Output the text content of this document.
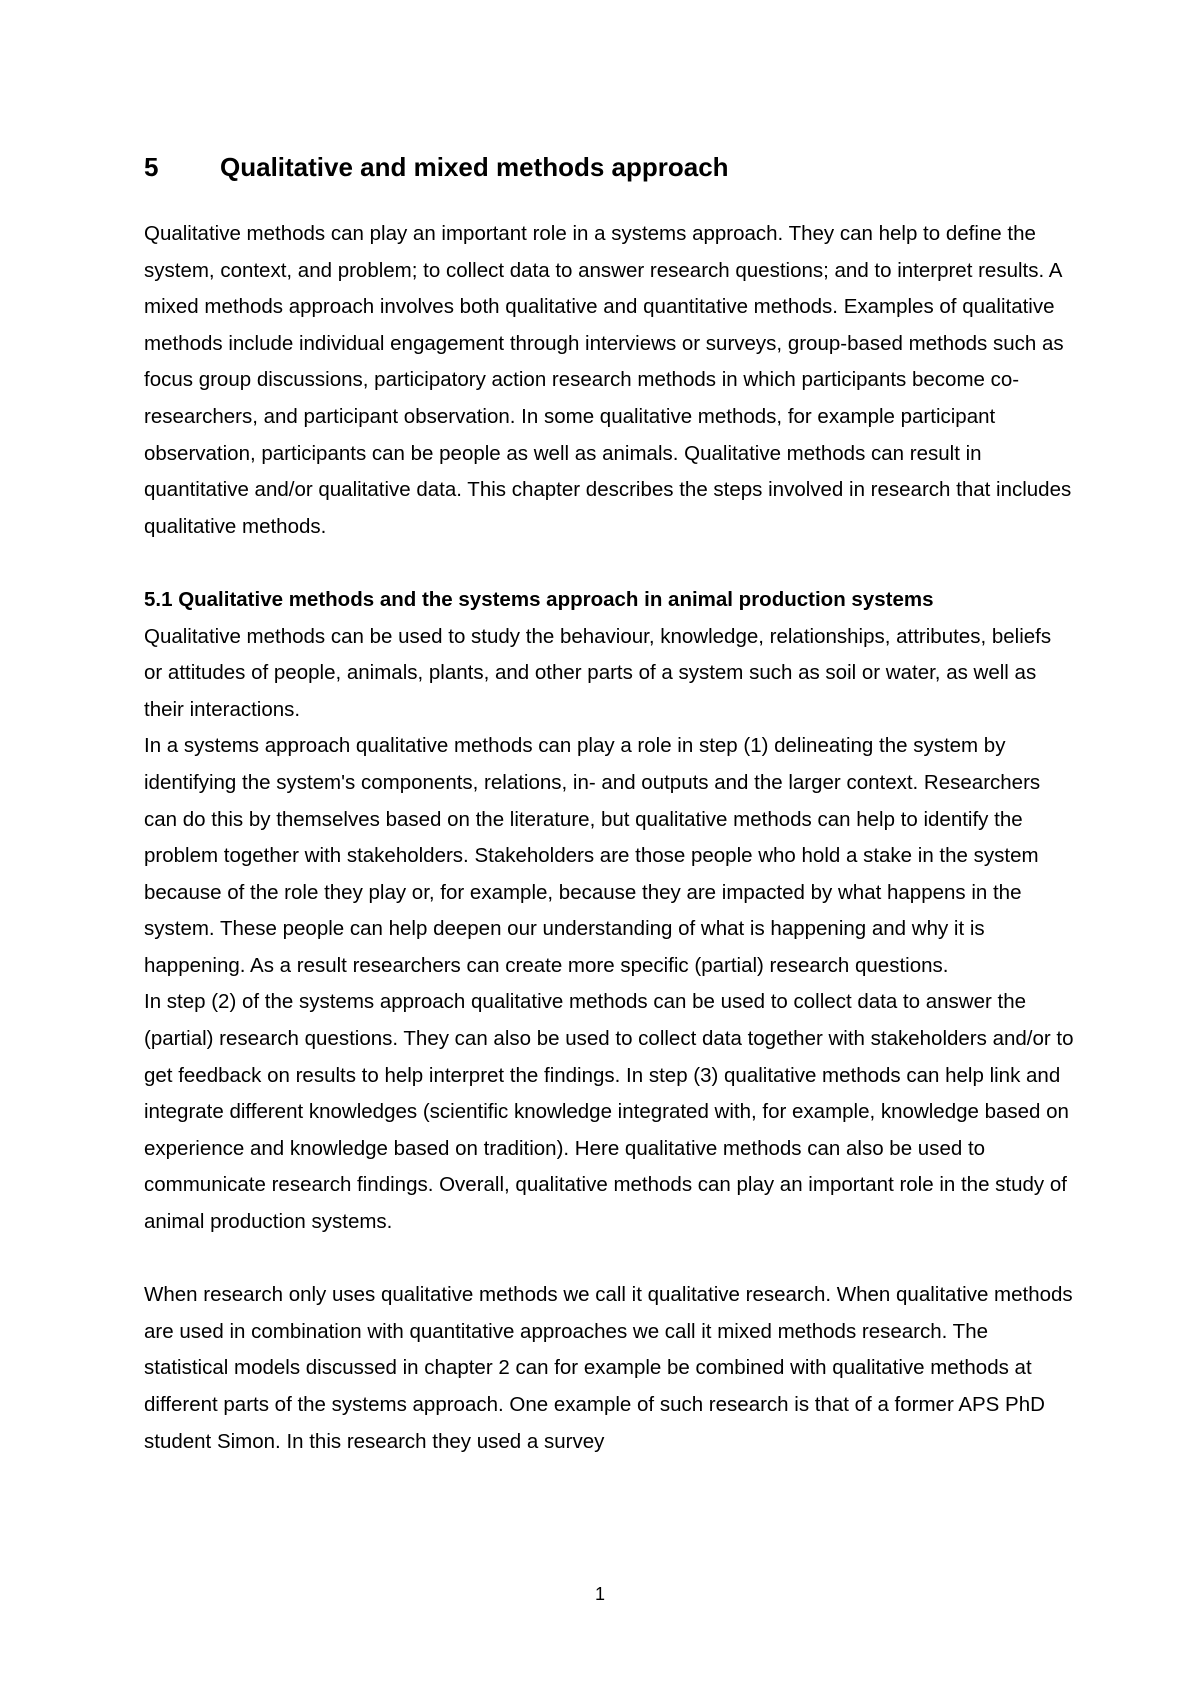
5	Qualitative and mixed methods approach

Qualitative methods can play an important role in a systems approach. They can help to define the system, context, and problem; to collect data to answer research questions; and to interpret results. A mixed methods approach involves both qualitative and quantitative methods. Examples of qualitative methods include individual engagement through interviews or surveys, group-based methods such as focus group discussions, participatory action research methods in which participants become co-researchers, and participant observation. In some qualitative methods, for example participant observation, participants can be people as well as animals. Qualitative methods can result in quantitative and/or qualitative data. This chapter describes the steps involved in research that includes qualitative methods.

5.1 Qualitative methods and the systems approach in animal production systems

Qualitative methods can be used to study the behaviour, knowledge, relationships, attributes, beliefs or attitudes of people, animals, plants, and other parts of a system such as soil or water, as well as their interactions.

In a systems approach qualitative methods can play a role in step (1) delineating the system by identifying the system's components, relations, in- and outputs and the larger context. Researchers can do this by themselves based on the literature, but qualitative methods can help to identify the problem together with stakeholders. Stakeholders are those people who hold a stake in the system because of the role they play or, for example, because they are impacted by what happens in the system. These people can help deepen our understanding of what is happening and why it is happening. As a result researchers can create more specific (partial) research questions.

In step (2) of the systems approach qualitative methods can be used to collect data to answer the (partial) research questions. They can also be used to collect data together with stakeholders and/or to get feedback on results to help interpret the findings. In step (3) qualitative methods can help link and integrate different knowledges (scientific knowledge integrated with, for example, knowledge based on experience and knowledge based on tradition). Here qualitative methods can also be used to communicate research findings. Overall, qualitative methods can play an important role in the study of animal production systems.

When research only uses qualitative methods we call it qualitative research. When qualitative methods are used in combination with quantitative approaches we call it mixed methods research. The statistical models discussed in chapter 2 can for example be combined with qualitative methods at different parts of the systems approach. One example of such research is that of a former APS PhD student Simon. In this research they used a survey

1
